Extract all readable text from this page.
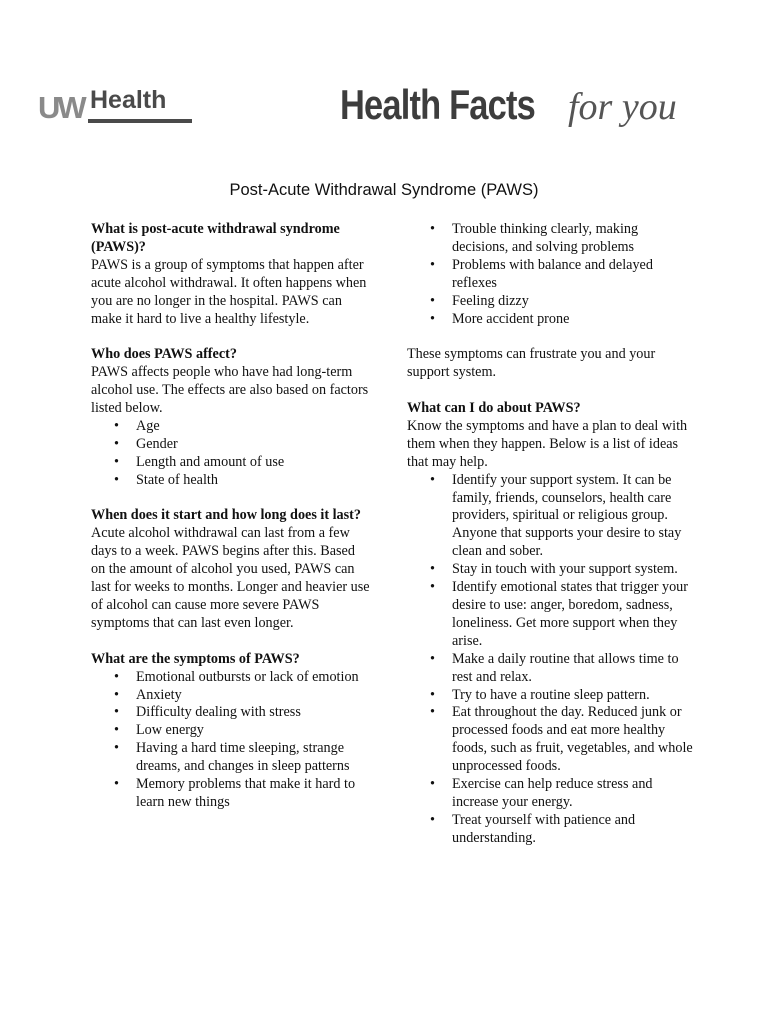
UW Health	Health Facts for you
Post-Acute Withdrawal Syndrome (PAWS)
What is post-acute withdrawal syndrome (PAWS)?

PAWS is a group of symptoms that happen after acute alcohol withdrawal. It often happens when you are no longer in the hospital. PAWS can make it hard to live a healthy lifestyle.

Who does PAWS affect?

PAWS affects people who have had long-term alcohol use. The effects are also based on factors listed below.

• Age
• Gender
• Length and amount of use
• State of health
When does it start and how long does it last?

Acute alcohol withdrawal can last from a few days to a week. PAWS begins after this. Based on the amount of alcohol you used, PAWS can last for weeks to months. Longer and heavier use of alcohol can cause more severe PAWS symptoms that can last even longer.

What are the symptoms of PAWS?
• Emotional outbursts or lack of emotion
• Anxiety
• Difficulty dealing with stress
• Low energy
• Having a hard time sleeping, strange dreams, and changes in sleep patterns
• Memory problems that make it hard to learn new things
• Trouble thinking clearly, making decisions, and solving problems
• Problems with balance and delayed reflexes
• Feeling dizzy
• More accident prone

These symptoms can frustrate you and your support system.

What can I do about PAWS?

Know the symptoms and have a plan to deal with them when they happen. Below is a list of ideas that may help.

• Identify your support system. It can be family, friends, counselors, health care providers, spiritual or religious group. Anyone that supports your desire to stay clean and sober.
• Stay in touch with your support system.
• Identify emotional states that trigger your desire to use: anger, boredom, sadness, loneliness. Get more support when they arise.
• Make a daily routine that allows time to rest and relax.
• Try to have a routine sleep pattern.
• Eat throughout the day. Reduced junk or processed foods and eat more healthy foods, such as fruit, vegetables, and whole unprocessed foods.
• Exercise can help reduce stress and increase your energy.
• Treat yourself with patience and understanding.
